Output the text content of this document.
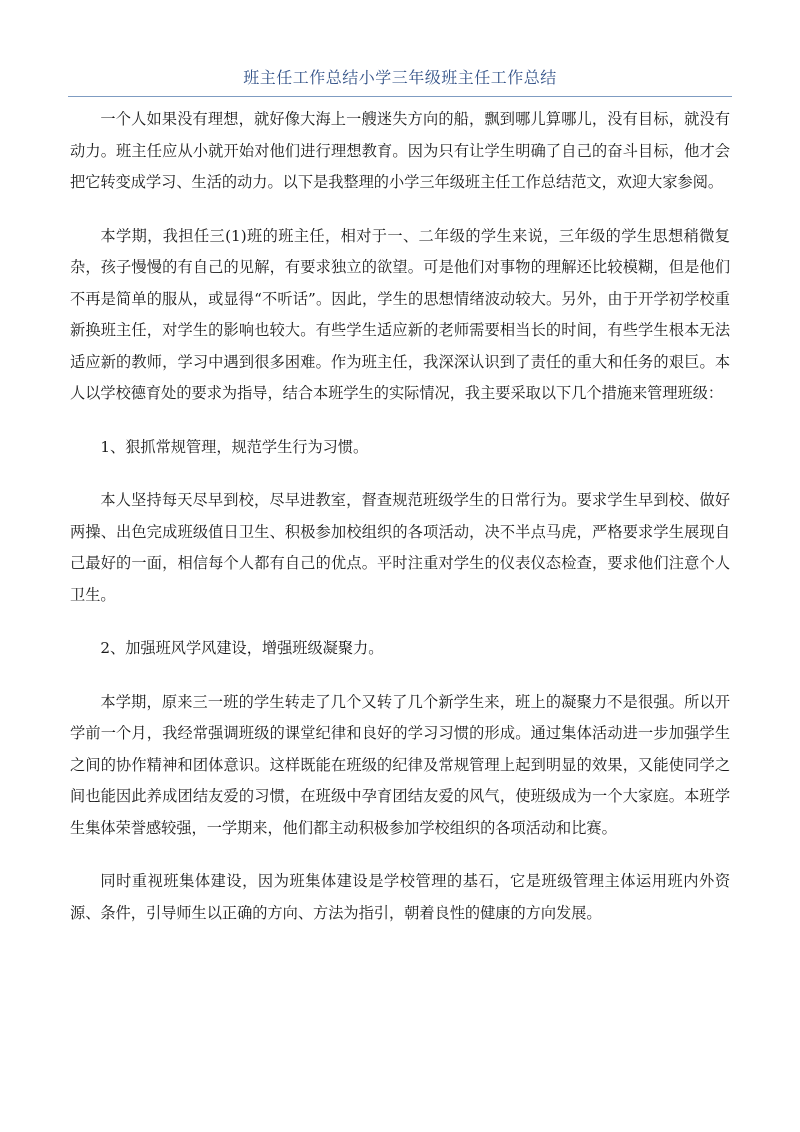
班主任工作总结小学三年级班主任工作总结

一个人如果没有理想，就好像大海上一艘迷失方向的船，飘到哪儿算哪儿，没有目标，就没有动力。班主任应从小就开始对他们进行理想教育。因为只有让学生明确了自己的奋斗目标，他才会把它转变成学习、生活的动力。以下是我整理的小学三年级班主任工作总结范文，欢迎大家参阅。

本学期，我担任三(1)班的班主任，相对于一、二年级的学生来说，三年级的学生思想稍微复杂，孩子慢慢的有自己的见解，有要求独立的欲望。可是他们对事物的理解还比较模糊，但是他们不再是简单的服从，或显得“不听话”。因此，学生的思想情绪波动较大。另外，由于开学初学校重新换班主任，对学生的影响也较大。有些学生适应新的老师需要相当长的时间，有些学生根本无法适应新的教师，学习中遇到很多困难。作为班主任，我深深认识到了责任的重大和任务的艰巨。本人以学校德育处的要求为指导，结合本班学生的实际情况，我主要采取以下几个措施来管理班级：

1、狠抓常规管理，规范学生行为习惯。

本人坚持每天尽早到校，尽早进教室，督查规范班级学生的日常行为。要求学生早到校、做好两操、出色完成班级值日卫生、积极参加校组织的各项活动，决不半点马虎，严格要求学生展现自己最好的一面，相信每个人都有自己的优点。平时注重对学生的仪表仪态检查，要求他们注意个人卫生。

2、加强班风学风建设，增强班级凝聚力。

本学期，原来三一班的学生转走了几个又转了几个新学生来，班上的凝聚力不是很强。所以开学前一个月，我经常强调班级的课堂纪律和良好的学习习惯的形成。通过集体活动进一步加强学生之间的协作精神和团体意识。这样既能在班级的纪律及常规管理上起到明显的效果，又能使同学之间也能因此养成团结友爱的习惯，在班级中孕育团结友爱的风气，使班级成为一个大家庭。本班学生集体荣誉感较强，一学期来，他们都主动积极参加学校组织的各项活动和比赛。

同时重视班集体建设，因为班集体建设是学校管理的基石，它是班级管理主体运用班内外资源、条件，引导师生以正确的方向、方法为指引，朝着良性的健康的方向发展。
